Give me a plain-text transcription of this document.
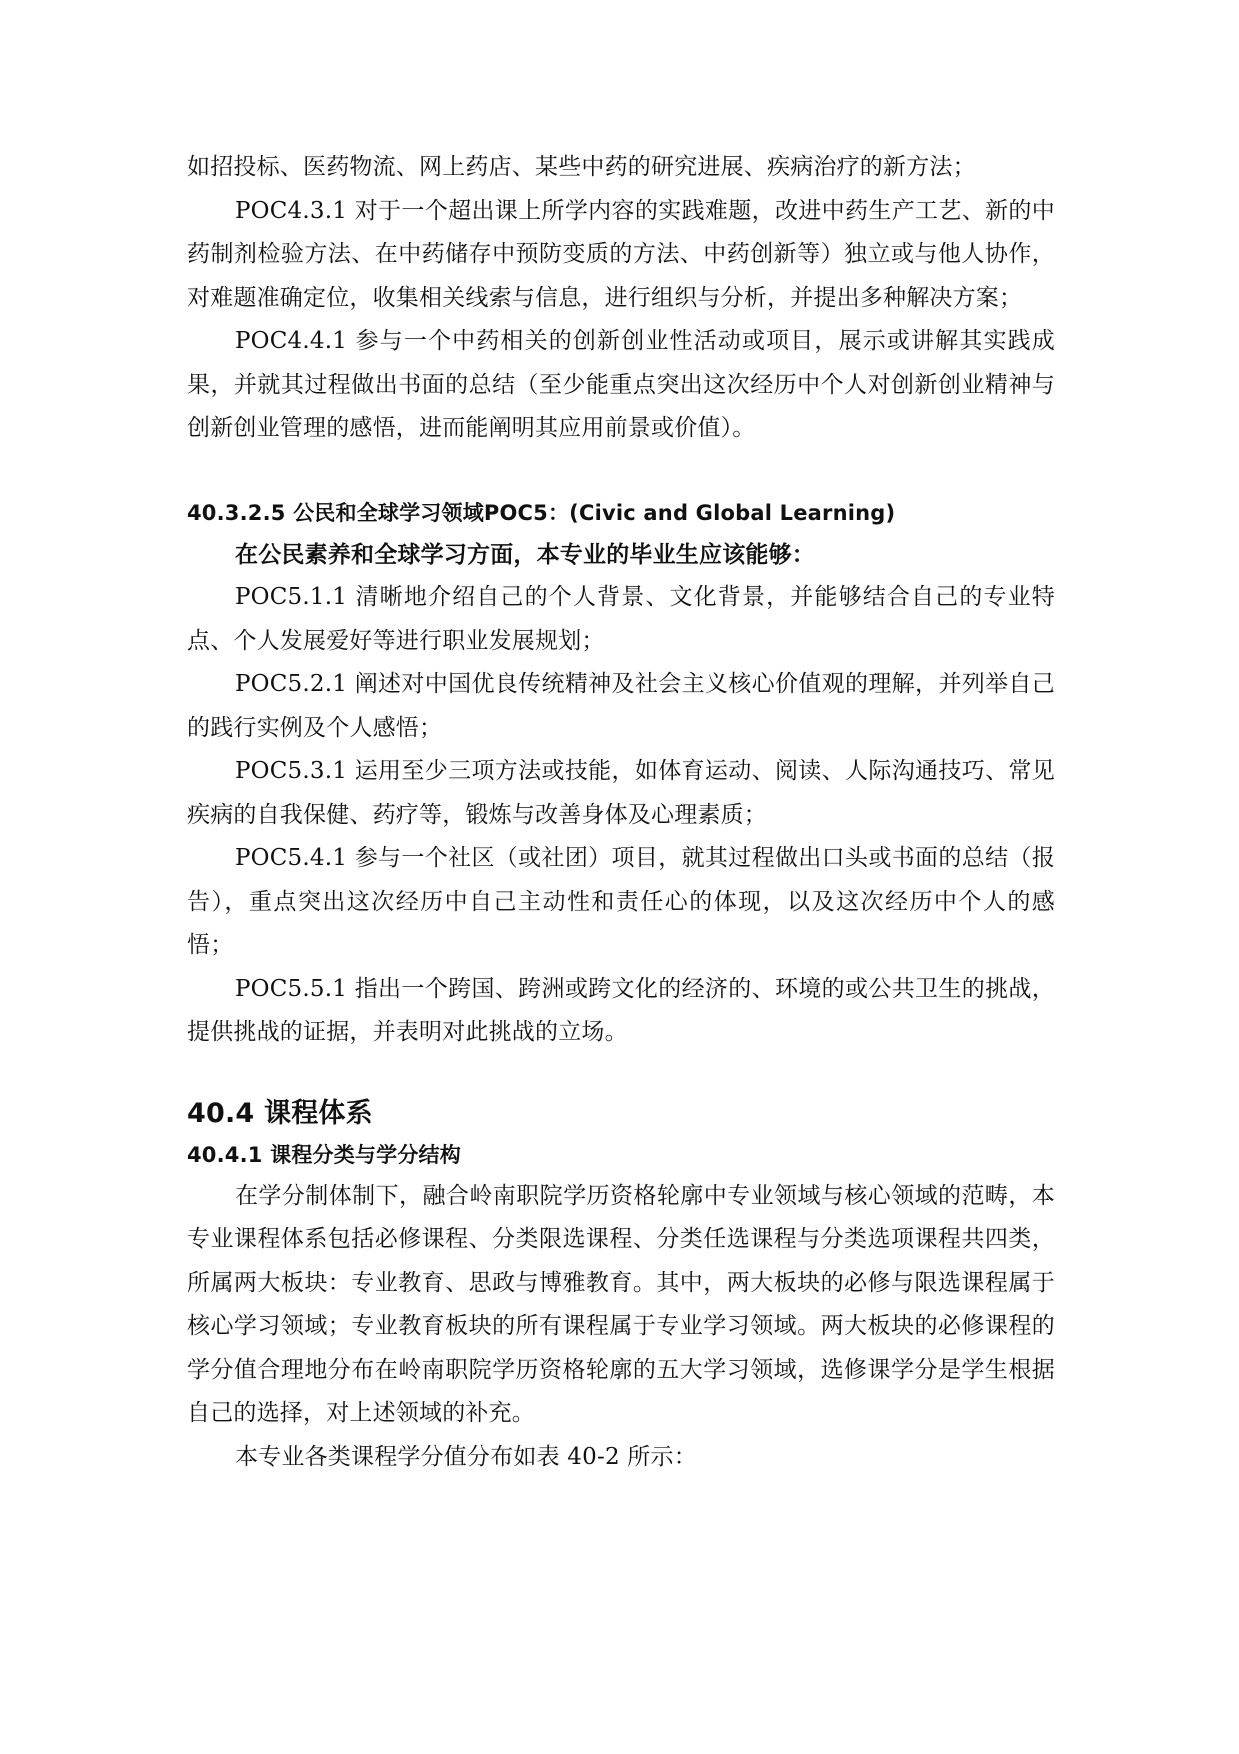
如招投标、医药物流、网上药店、某些中药的研究进展、疾病治疗的新方法；

POC4.3.1 对于一个超出课上所学内容的实践难题，改进中药生产工艺、新的中药制剂检验方法、在中药储存中预防变质的方法、中药创新等）独立或与他人协作，对难题准确定位，收集相关线索与信息，进行组织与分析，并提出多种解决方案；

POC4.4.1 参与一个中药相关的创新创业性活动或项目，展示或讲解其实践成果，并就其过程做出书面的总结（至少能重点突出这次经历中个人对创新创业精神与创新创业管理的感悟，进而能阐明其应用前景或价值）。

40.3.2.5 公民和全球学习领域POC5：(Civic and Global Learning)

在公民素养和全球学习方面，本专业的毕业生应该能够：

POC5.1.1 清晰地介绍自己的个人背景、文化背景，并能够结合自己的专业特点、个人发展爱好等进行职业发展规划；

POC5.2.1 阐述对中国优良传统精神及社会主义核心价值观的理解，并列举自己的践行实例及个人感悟；

POC5.3.1 运用至少三项方法或技能，如体育运动、阅读、人际沟通技巧、常见疾病的自我保健、药疗等，锻炼与改善身体及心理素质；

POC5.4.1 参与一个社区（或社团）项目，就其过程做出口头或书面的总结（报告），重点突出这次经历中自己主动性和责任心的体现，以及这次经历中个人的感悟；

POC5.5.1 指出一个跨国、跨洲或跨文化的经济的、环境的或公共卫生的挑战，提供挑战的证据，并表明对此挑战的立场。

40.4 课程体系

40.4.1 课程分类与学分结构

在学分制体制下，融合岭南职院学历资格轮廓中专业领域与核心领域的范畴，本专业课程体系包括必修课程、分类限选课程、分类任选课程与分类选项课程共四类，所属两大板块：专业教育、思政与博雅教育。其中，两大板块的必修与限选课程属于核心学习领域；专业教育板块的所有课程属于专业学习领域。两大板块的必修课程的学分值合理地分布在岭南职院学历资格轮廓的五大学习领域，选修课学分是学生根据自己的选择，对上述领域的补充。

本专业各类课程学分值分布如表 40-2 所示：
